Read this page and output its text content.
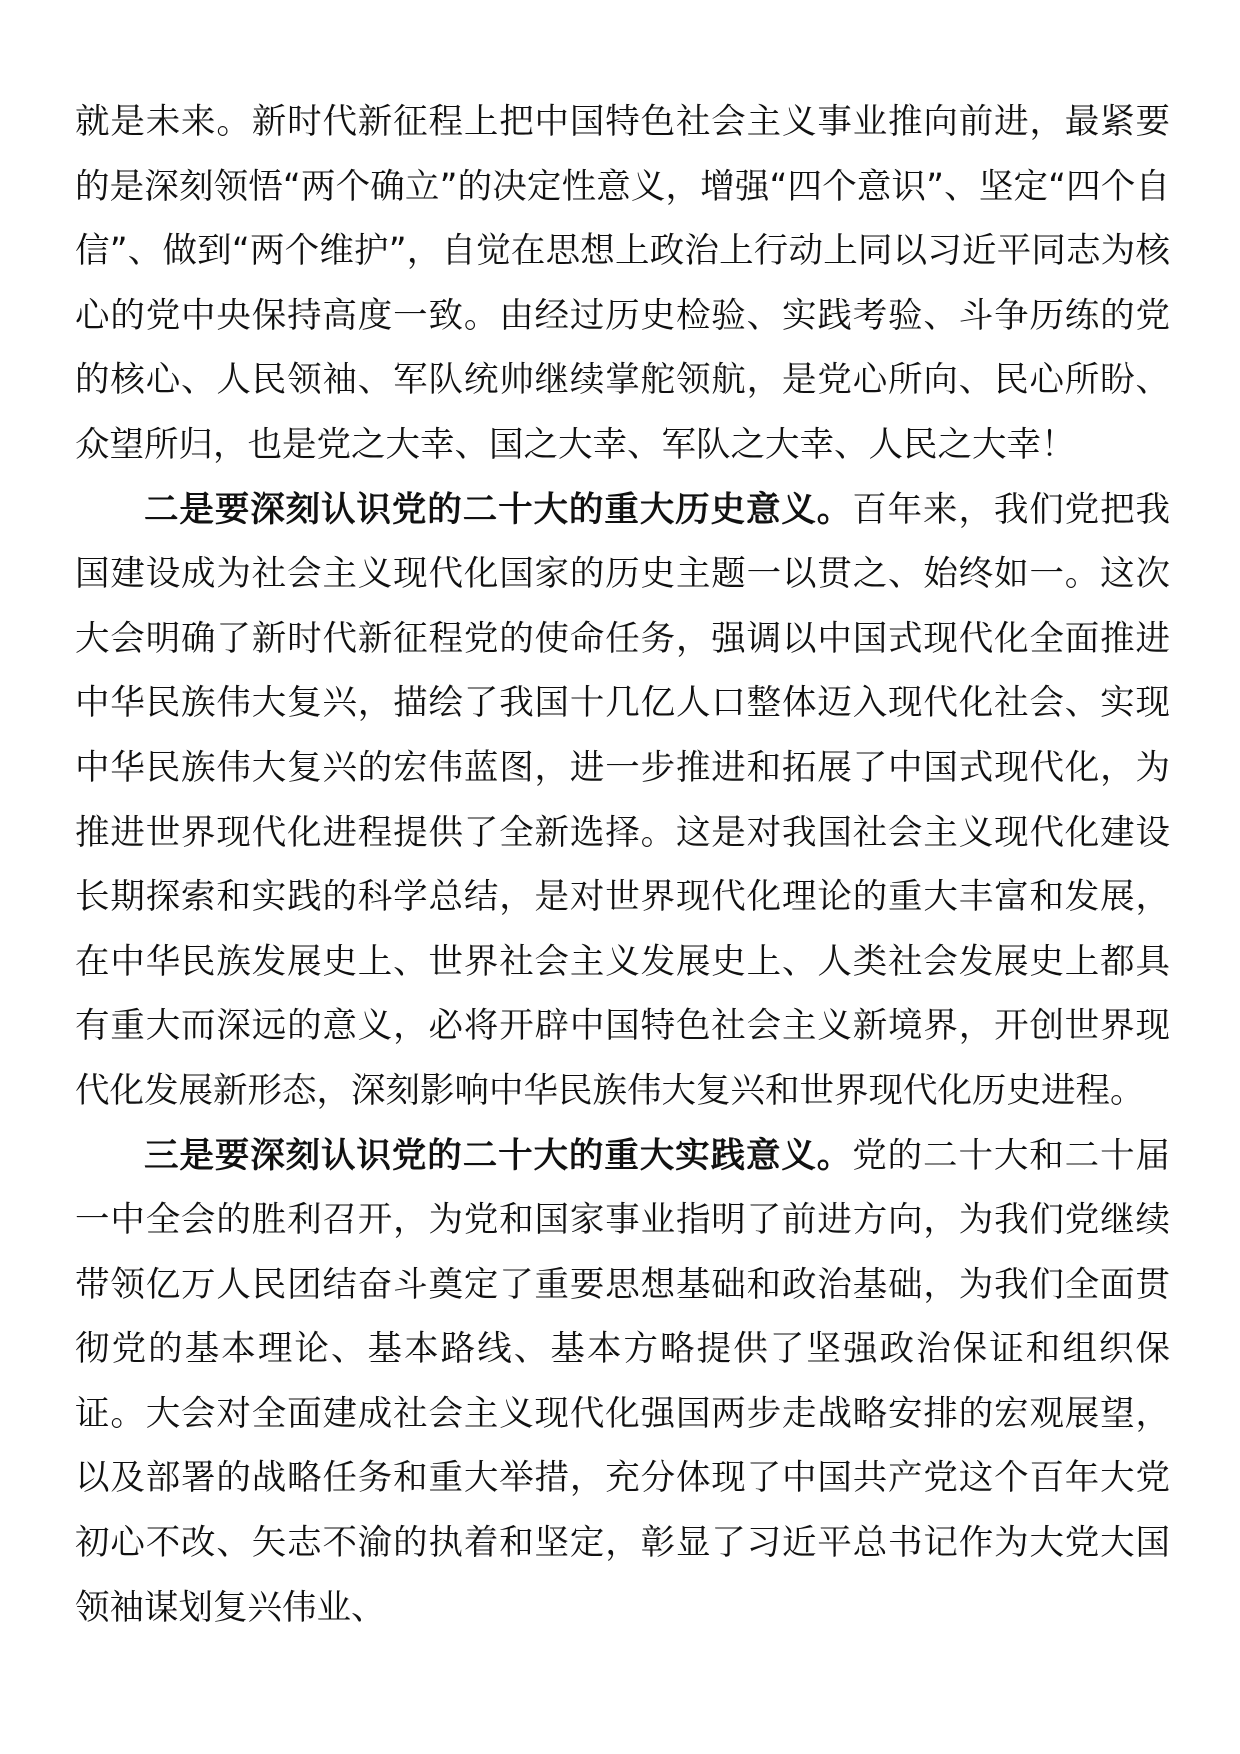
就是未来。新时代新征程上把中国特色社会主义事业推向前进，最紧要的是深刻领悟“两个确立”的决定性意义，增强“四个意识”、坚定“四个自信”、做到“两个维护”，自觉在思想上政治上行动上同以习近平同志为核心的党中央保持高度一致。由经过历史检验、实践考验、斗争历练的党的核心、人民领袖、军队统帅继续掌舵领航，是党心所向、民心所盼、众望所归，也是党之大幸、国之大幸、军队之大幸、人民之大幸！

二是要深刻认识党的二十大的重大历史意义。百年来，我们党把我国建设成为社会主义现代化国家的历史主题一以贯之、始终如一。这次大会明确了新时代新征程党的使命任务，强调以中国式现代化全面推进中华民族伟大复兴，描绘了我国十几亿人口整体迈入现代化社会、实现中华民族伟大复兴的宏伟蓝图，进一步推进和拓展了中国式现代化，为推进世界现代化进程提供了全新选择。这是对我国社会主义现代化建设长期探索和实践的科学总结，是对世界现代化理论的重大丰富和发展，在中华民族发展史上、世界社会主义发展史上、人类社会发展史上都具有重大而深远的意义，必将开辟中国特色社会主义新境界，开创世界现代化发展新形态，深刻影响中华民族伟大复兴和世界现代化历史进程。

三是要深刻认识党的二十大的重大实践意义。党的二十大和二十届一中全会的胜利召开，为党和国家事业指明了前进方向，为我们党继续带领亿万人民团结奋斗奠定了重要思想基础和政治基础，为我们全面贯彻党的基本理论、基本路线、基本方略提供了坚强政治保证和组织保证。大会对全面建成社会主义现代化强国两步走战略安排的宏观展望，以及部署的战略任务和重大举措，充分体现了中国共产党这个百年大党初心不改、矢志不渝的执着和坚定，彰显了习近平总书记作为大党大国领袖谋划复兴伟业、
